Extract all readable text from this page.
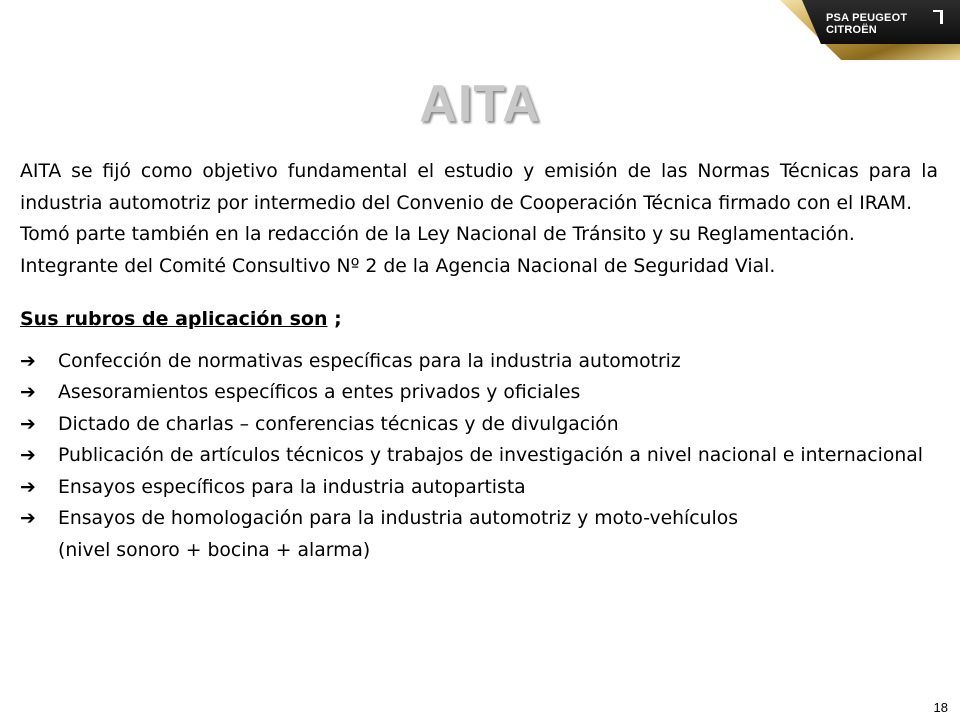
PSA PEUGEOT CITROËN
AITA

AITA se fijó como objetivo fundamental el estudio y emisión de las Normas Técnicas para la industria automotriz por intermedio del Convenio de Cooperación Técnica firmado con el IRAM.

Tomó parte también en la redacción de la Ley Nacional de Tránsito y su Reglamentación.

Integrante del Comité Consultivo Nº 2 de la Agencia Nacional de Seguridad Vial.

Sus rubros de aplicación son ;
➔ Confección de normativas específicas para la industria automotriz
➔ Asesoramientos específicos a entes privados y oficiales
➔ Dictado de charlas – conferencias técnicas y de divulgación
➔ Publicación de artículos técnicos y trabajos de investigación a nivel nacional e internacional
➔ Ensayos específicos para la industria autopartista
➔ Ensayos de homologación para la industria automotriz y moto-vehículos
(nivel sonoro + bocina + alarma)
18
